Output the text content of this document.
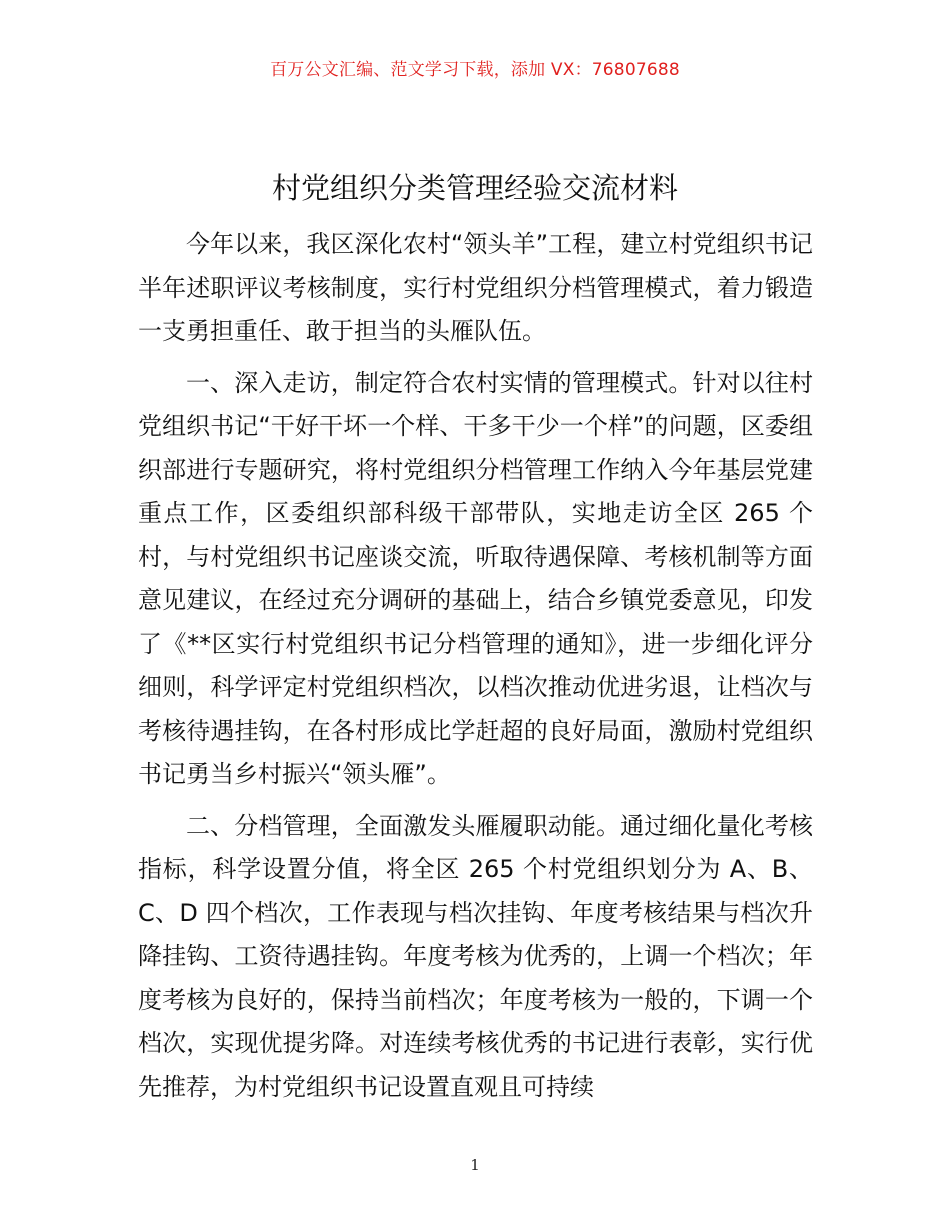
百万公文汇编、范文学习下载，添加 VX：76807688
村党组织分类管理经验交流材料

今年以来，我区深化农村“领头羊”工程，建立村党组织书记半年述职评议考核制度，实行村党组织分档管理模式，着力锻造一支勇担重任、敢于担当的头雁队伍。

一、深入走访，制定符合农村实情的管理模式。针对以往村党组织书记“干好干坏一个样、干多干少一个样”的问题，区委组织部进行专题研究，将村党组织分档管理工作纳入今年基层党建重点工作，区委组织部科级干部带队，实地走访全区 265 个村，与村党组织书记座谈交流，听取待遇保障、考核机制等方面意见建议，在经过充分调研的基础上，结合乡镇党委意见，印发了《**区实行村党组织书记分档管理的通知》，进一步细化评分细则，科学评定村党组织档次，以档次推动优进劣退，让档次与考核待遇挂钩，在各村形成比学赶超的良好局面，激励村党组织书记勇当乡村振兴“领头雁”。

二、分档管理，全面激发头雁履职动能。通过细化量化考核指标，科学设置分值，将全区 265 个村党组织划分为 A、B、C、D 四个档次，工作表现与档次挂钩、年度考核结果与档次升降挂钩、工资待遇挂钩。年度考核为优秀的，上调一个档次；年度考核为良好的，保持当前档次；年度考核为一般的，下调一个档次，实现优提劣降。对连续考核优秀的书记进行表彰，实行优先推荐，为村党组织书记设置直观且可持续

1
